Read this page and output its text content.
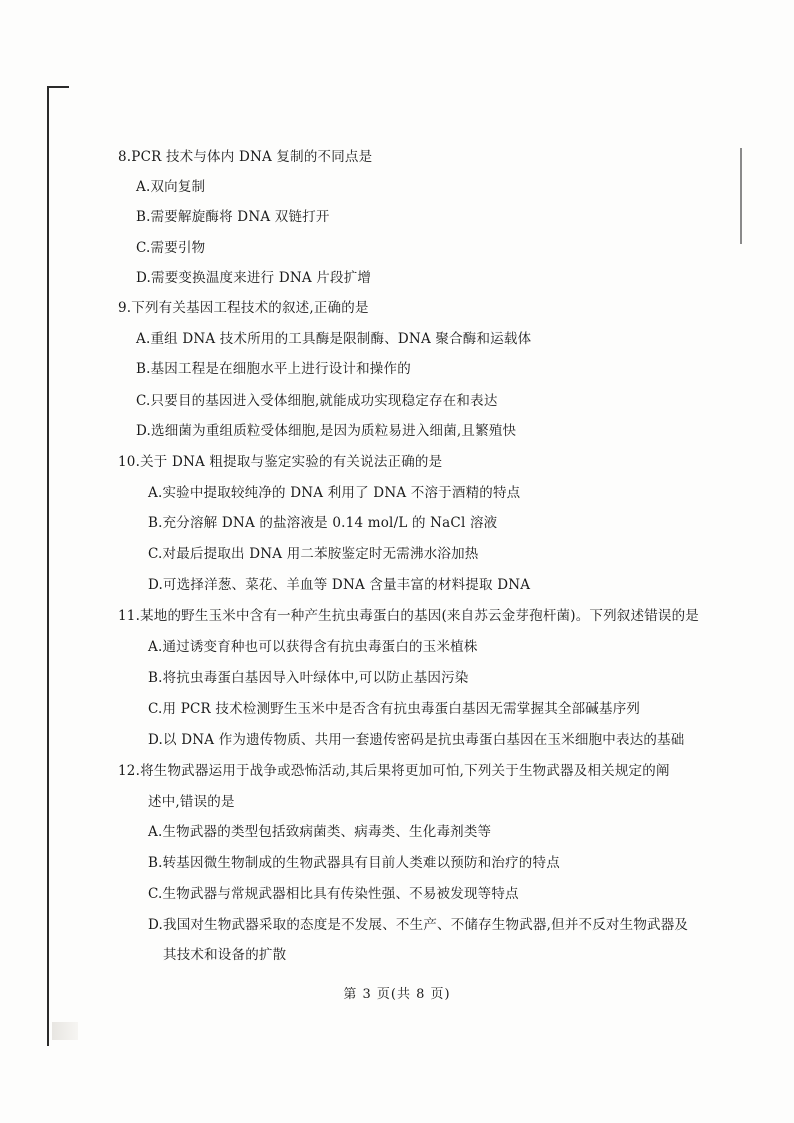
8.PCR 技术与体内 DNA 复制的不同点是
A.双向复制
B.需要解旋酶将 DNA 双链打开
C.需要引物
D.需要变换温度来进行 DNA 片段扩增
9.下列有关基因工程技术的叙述,正确的是
A.重组 DNA 技术所用的工具酶是限制酶、DNA 聚合酶和运载体
B.基因工程是在细胞水平上进行设计和操作的
C.只要目的基因进入受体细胞,就能成功实现稳定存在和表达
D.选细菌为重组质粒受体细胞,是因为质粒易进入细菌,且繁殖快
10.关于 DNA 粗提取与鉴定实验的有关说法正确的是
A.实验中提取较纯净的 DNA 利用了 DNA 不溶于酒精的特点
B.充分溶解 DNA 的盐溶液是 0.14 mol/L 的 NaCl 溶液
C.对最后提取出 DNA 用二苯胺鉴定时无需沸水浴加热
D.可选择洋葱、菜花、羊血等 DNA 含量丰富的材料提取 DNA
11.某地的野生玉米中含有一种产生抗虫毒蛋白的基因(来自苏云金芽孢杆菌)。下列叙述错误的是
A.通过诱变育种也可以获得含有抗虫毒蛋白的玉米植株
B.将抗虫毒蛋白基因导入叶绿体中,可以防止基因污染
C.用 PCR 技术检测野生玉米中是否含有抗虫毒蛋白基因无需掌握其全部碱基序列
D.以 DNA 作为遗传物质、共用一套遗传密码是抗虫毒蛋白基因在玉米细胞中表达的基础
12.将生物武器运用于战争或恐怖活动,其后果将更加可怕,下列关于生物武器及相关规定的阐
述中,错误的是
A.生物武器的类型包括致病菌类、病毒类、生化毒剂类等
B.转基因微生物制成的生物武器具有目前人类难以预防和治疗的特点
C.生物武器与常规武器相比具有传染性强、不易被发现等特点
D.我国对生物武器采取的态度是不发展、不生产、不储存生物武器,但并不反对生物武器及
其技术和设备的扩散
第 3 页(共 8 页)
